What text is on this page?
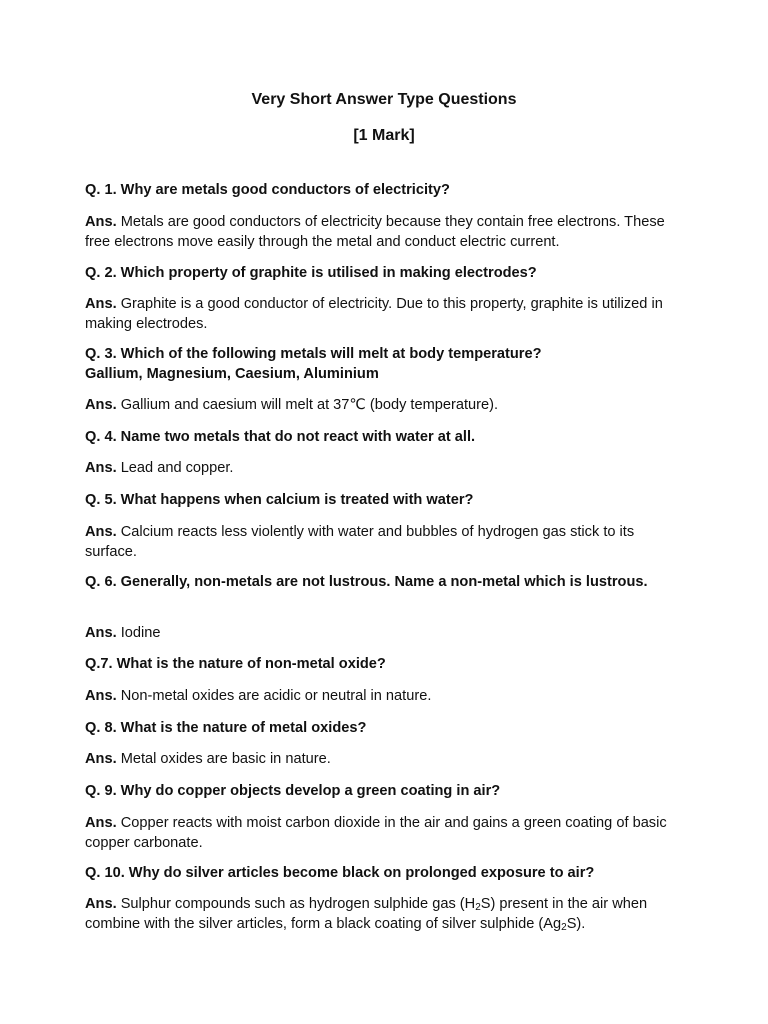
Very Short Answer Type Questions
[1 Mark]

Q. 1. Why are metals good conductors of electricity?

Ans. Metals are good conductors of electricity because they contain free electrons. These free electrons move easily through the metal and conduct electric current.

Q. 2. Which property of graphite is utilised in making electrodes?

Ans. Graphite is a good conductor of electricity. Due to this property, graphite is utilized in making electrodes.

Q. 3. Which of the following metals will melt at body temperature?
Gallium, Magnesium, Caesium, Aluminium

Ans. Gallium and caesium will melt at 37℃ (body temperature).

Q. 4. Name two metals that do not react with water at all.

Ans. Lead and copper.

Q. 5. What happens when calcium is treated with water?

Ans. Calcium reacts less violently with water and bubbles of hydrogen gas stick to its surface.

Q. 6. Generally, non-metals are not lustrous. Name a non-metal which is lustrous.

Ans. Iodine

Q.7. What is the nature of non-metal oxide?

Ans. Non-metal oxides are acidic or neutral in nature.

Q. 8. What is the nature of metal oxides?

Ans. Metal oxides are basic in nature.

Q. 9. Why do copper objects develop a green coating in air?

Ans. Copper reacts with moist carbon dioxide in the air and gains a green coating of basic copper carbonate.

Q. 10. Why do silver articles become black on prolonged exposure to air?

Ans. Sulphur compounds such as hydrogen sulphide gas $(H_2S)$ present in the air when combine with the silver articles, form a black coating of silver sulphide $(Ag_2S)$.
